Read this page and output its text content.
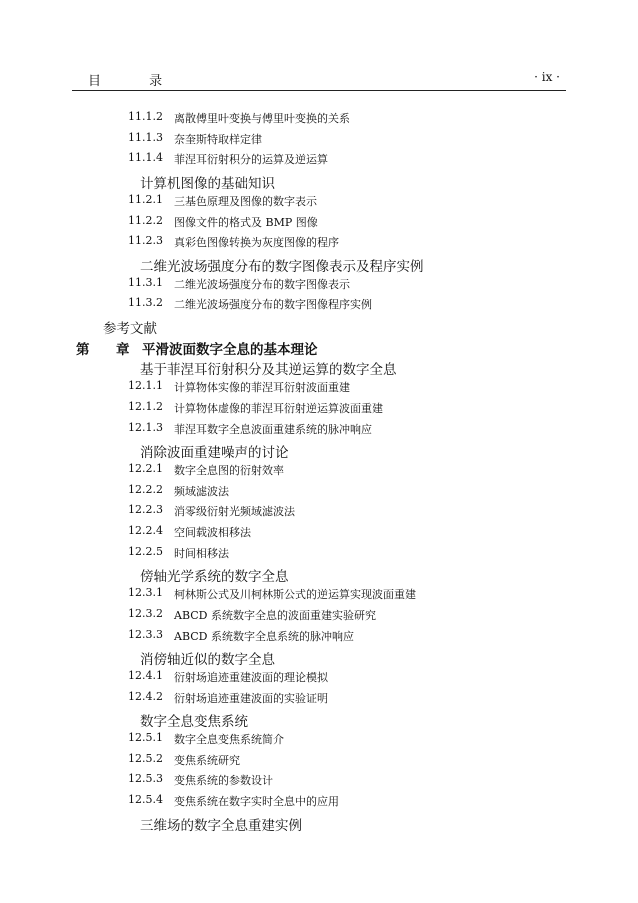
目 录	· ix ·
11.1.2 离散傅里叶变换与傅里叶变换的关系
11.1.3 奈奎斯特取样定律
11.1.4 菲涅耳衍射积分的运算及逆运算
计算机图像的基础知识
11.2.1 三基色原理及图像的数字表示
11.2.2 图像文件的格式及 BMP 图像
11.2.3 真彩色图像转换为灰度图像的程序
二维光波场强度分布的数字图像表示及程序实例
11.3.1 二维光波场强度分布的数字图像表示
11.3.2 二维光波场强度分布的数字图像程序实例
参考文献
第 章 平滑波面数字全息的基本理论
基于菲涅耳衍射积分及其逆运算的数字全息
12.1.1 计算物体实像的菲涅耳衍射波面重建
12.1.2 计算物体虚像的菲涅耳衍射逆运算波面重建
12.1.3 菲涅耳数字全息波面重建系统的脉冲响应
消除波面重建噪声的讨论
12.2.1 数字全息图的衍射效率
12.2.2 频域滤波法
12.2.3 消零级衍射光频域滤波法
12.2.4 空间载波相移法
12.2.5 时间相移法
傍轴光学系统的数字全息
12.3.1 柯林斯公式及川柯林斯公式的逆运算实现波面重建
12.3.2 ABCD 系统数字全息的波面重建实验研究
12.3.3 ABCD 系统数字全息系统的脉冲响应
消傍轴近似的数字全息
12.4.1 衍射场追迹重建波面的理论模拟
12.4.2 衍射场追迹重建波面的实验证明
数字全息变焦系统
12.5.1 数字全息变焦系统简介
12.5.2 变焦系统研究
12.5.3 变焦系统的参数设计
12.5.4 变焦系统在数字实时全息中的应用
三维场的数字全息重建实例
